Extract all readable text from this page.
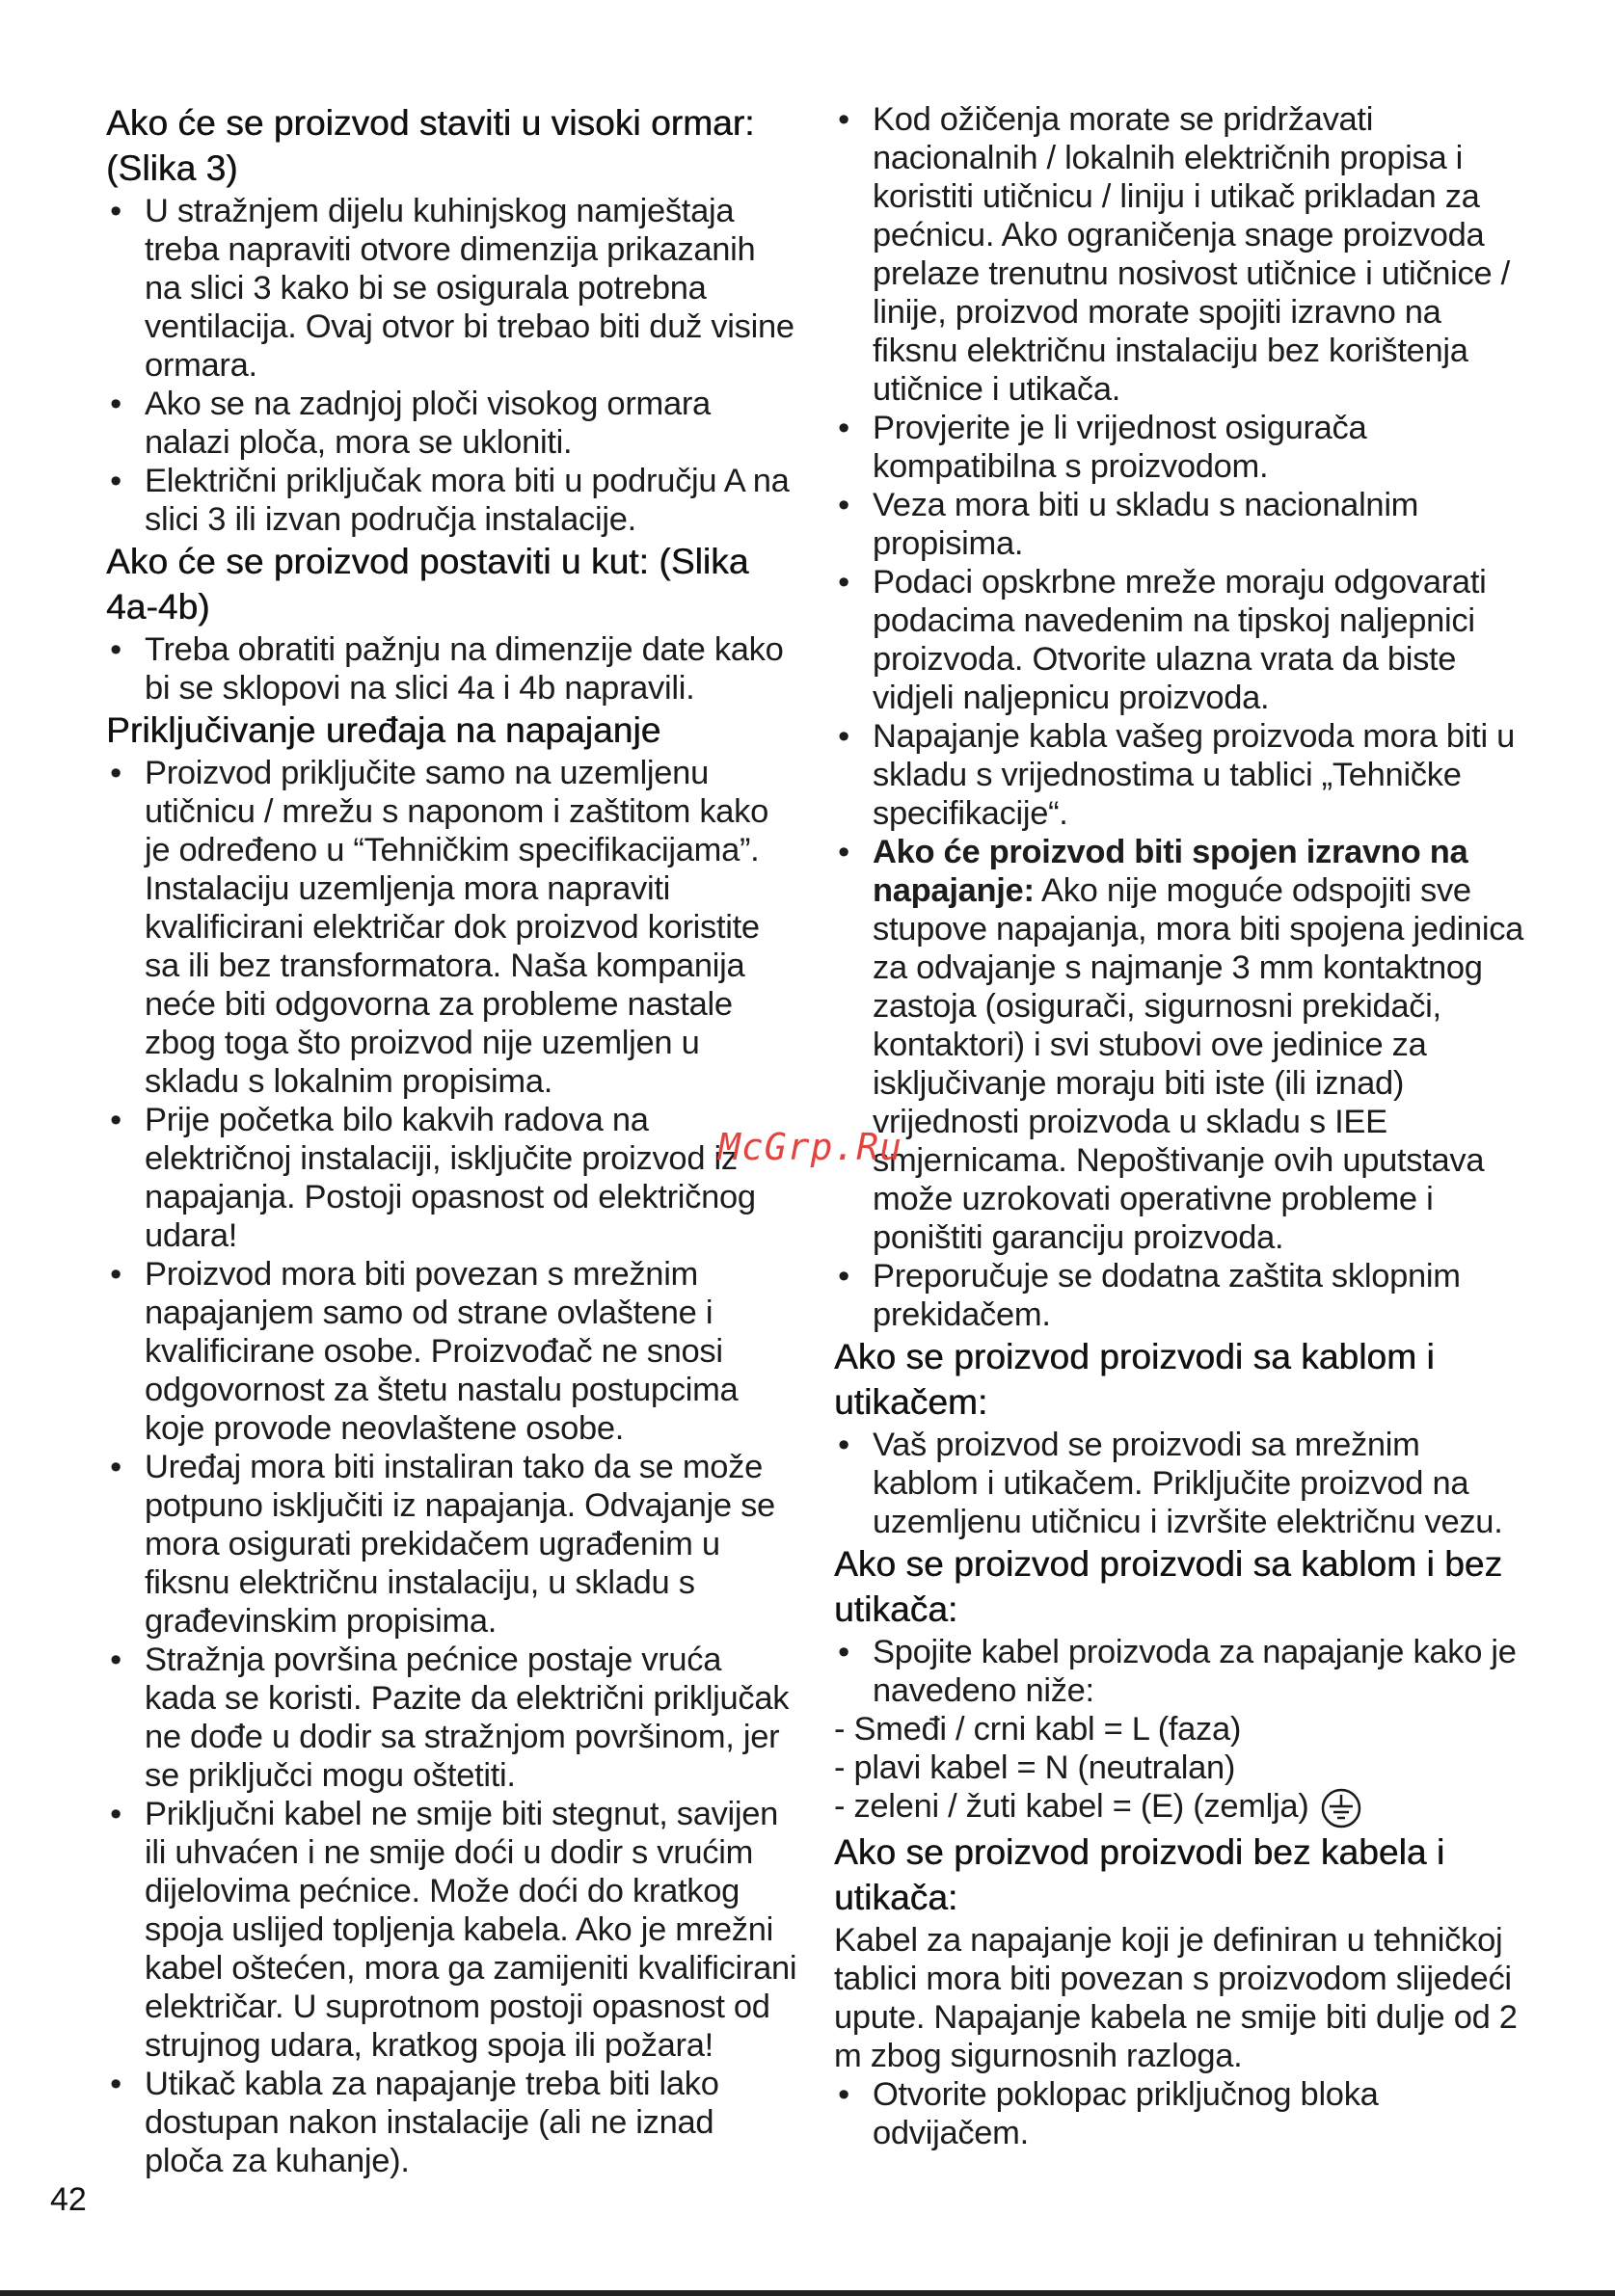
Ako će se proizvod staviti u visoki ormar: (Slika 3)
• U stražnjem dijelu kuhinjskog namještaja treba napraviti otvore dimenzija prikazanih na slici 3 kako bi se osigurala potrebna ventilacija. Ovaj otvor bi trebao biti duž visine ormara.
• Ako se na zadnjoj ploči visokog ormara nalazi ploča, mora se ukloniti.
• Električni priključak mora biti u području A na slici 3 ili izvan područja instalacije.
Ako će se proizvod postaviti u kut: (Slika 4a-4b)
• Treba obratiti pažnju na dimenzije date kako bi se sklopovi na slici 4a i 4b napravili.
Priključivanje uređaja na napajanje
• Proizvod priključite samo na uzemljenu utičnicu / mrežu s naponom i zaštitom kako je određeno u “Tehničkim specifikacijama”. Instalaciju uzemljenja mora napraviti kvalificirani električar dok proizvod koristite sa ili bez transformatora. Naša kompanija neće biti odgovorna za probleme nastale zbog toga što proizvod nije uzemljen u skladu s lokalnim propisima.
• Prije početka bilo kakvih radova na električnoj instalaciji, isključite proizvod iz napajanja. Postoji opasnost od električnog udara!
• Proizvod mora biti povezan s mrežnim napajanjem samo od strane ovlaštene i kvalificirane osobe. Proizvođač ne snosi odgovornost za štetu nastalu postupcima koje provode neovlaštene osobe.
• Uređaj mora biti instaliran tako da se može potpuno isključiti iz napajanja. Odvajanje se mora osigurati prekidačem ugrađenim u fiksnu električnu instalaciju, u skladu s građevinskim propisima.
• Stražnja površina pećnice postaje vruća kada se koristi. Pazite da električni priključak ne dođe u dodir sa stražnjom površinom, jer se priključci mogu oštetiti.
• Priključni kabel ne smije biti stegnut, savijen ili uhvaćen i ne smije doći u dodir s vrućim dijelovima pećnice. Može doći do kratkog spoja uslijed topljenja kabela. Ako je mrežni kabel oštećen, mora ga zamijeniti kvalificirani električar. U suprotnom postoji opasnost od strujnog udara, kratkog spoja ili požara!
• Utikač kabla za napajanje treba biti lako dostupan nakon instalacije (ali ne iznad ploča za kuhanje).
• Kod ožičenja morate se pridržavati nacionalnih / lokalnih električnih propisa i koristiti utičnicu / liniju i utikač prikladan za pećnicu. Ako ograničenja snage proizvoda prelaze trenutnu nosivost utičnice i utičnice / linije, proizvod morate spojiti izravno na fiksnu električnu instalaciju bez korištenja utičnice i utikača.
• Provjerite je li vrijednost osigurača kompatibilna s proizvodom.
• Veza mora biti u skladu s nacionalnim propisima.
• Podaci opskrbne mreže moraju odgovarati podacima navedenim na tipskoj naljepnici proizvoda. Otvorite ulazna vrata da biste vidjeli naljepnicu proizvoda.
• Napajanje kabla vašeg proizvoda mora biti u skladu s vrijednostima u tablici „Tehničke specifikacije“.
• Ako će proizvod biti spojen izravno na napajanje: Ako nije moguće odspojiti sve stupove napajanja, mora biti spojena jedinica za odvajanje s najmanje 3 mm kontaktnog zastoja (osigurači, sigurnosni prekidači, kontaktori) i svi stubovi ove jedinice za isključivanje moraju biti iste (ili iznad) vrijednosti proizvoda u skladu s IEE smjernicama. Nepoštivanje ovih uputstava može uzrokovati operativne probleme i poništiti garanciju proizvoda.
• Preporučuje se dodatna zaštita sklopnim prekidačem.
Ako se proizvod proizvodi sa kablom i utikačem:
• Vaš proizvod se proizvodi sa mrežnim kablom i utikačem. Priključite proizvod na uzemljenu utičnicu i izvršite električnu vezu.
Ako se proizvod proizvodi sa kablom i bez utikača:
• Spojite kabel proizvoda za napajanje kako je navedeno niže:
- Smeđi / crni kabl = L (faza)
- plavi kabel = N (neutralan)
- zeleni / žuti kabel = (E) (zemlja)
Ako se proizvod proizvodi bez kabela i utikača:
Kabel za napajanje koji je definiran u tehničkoj tablici mora biti povezan s proizvodom slijedeći upute. Napajanje kabela ne smije biti dulje od 2 m zbog sigurnosnih razloga.
• Otvorite poklopac priključnog bloka odvijačem.
McGrp.Ru
42
